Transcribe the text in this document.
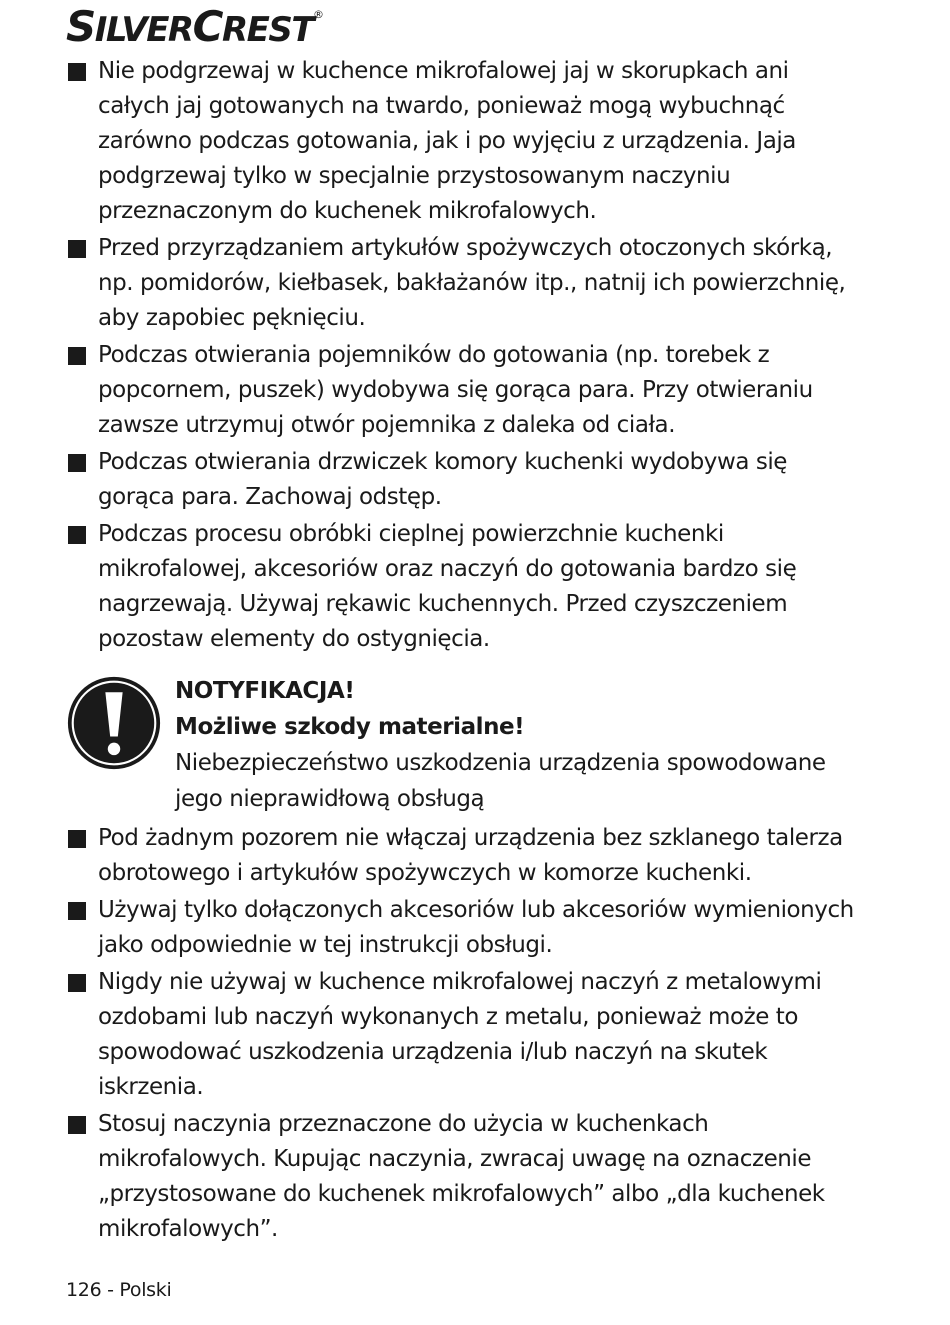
SILVERCREST®
Nie podgrzewaj w kuchence mikrofalowej jaj w skorupkach ani całych jaj gotowanych na twardo, ponieważ mogą wybuchnąć zarówno podczas gotowania, jak i po wyjęciu z urządzenia. Jaja podgrzewaj tylko w specjalnie przystosowanym naczyniu przeznaczonym do kuchenek mikrofalowych.
Przed przyrządzaniem artykułów spożywczych otoczonych skórką, np. pomidorów, kiełbasek, bakłażanów itp., natnij ich powierzchnię, aby zapobiec pęknięciu.
Podczas otwierania pojemników do gotowania (np. torebek z popcornem, puszek) wydobywa się gorąca para. Przy otwieraniu zawsze utrzymuj otwór pojemnika z daleka od ciała.
Podczas otwierania drzwiczek komory kuchenki wydobywa się gorąca para. Zachowaj odstęp.
Podczas procesu obróbki cieplnej powierzchnie kuchenki mikrofalowej, akcesoriów oraz naczyń do gotowania bardzo się nagrzewają. Używaj rękawic kuchennych. Przed czyszczeniem pozostaw elementy do ostygnięcia.
NOTYFIKACJA!
Możliwe szkody materialne!
Niebezpieczeństwo uszkodzenia urządzenia spowodowane jego nieprawidłową obsługą
Pod żadnym pozorem nie włączaj urządzenia bez szklanego talerza obrotowego i artykułów spożywczych w komorze kuchenki.
Używaj tylko dołączonych akcesoriów lub akcesoriów wymienionych jako odpowiednie w tej instrukcji obsługi.
Nigdy nie używaj w kuchence mikrofalowej naczyń z metalowymi ozdobami lub naczyń wykonanych z metalu, ponieważ może to spowodować uszkodzenia urządzenia i/lub naczyń na skutek iskrzenia.
Stosuj naczynia przeznaczone do użycia w kuchenkach mikrofalowych. Kupując naczynia, zwracaj uwagę na oznaczenie „przystosowane do kuchenek mikrofalowych” albo „dla kuchenek mikrofalowych”.
126 - Polski
